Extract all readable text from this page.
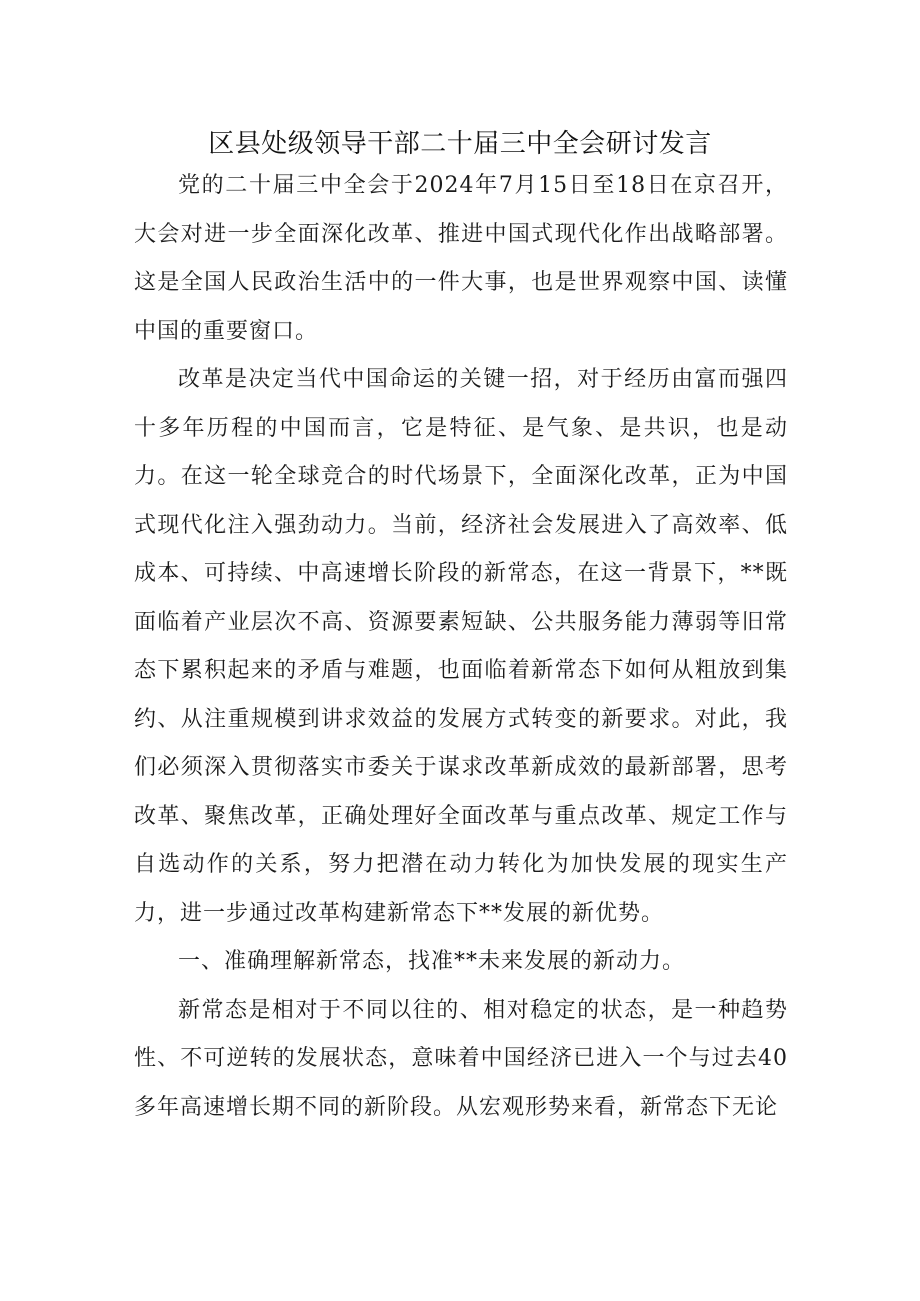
区县处级领导干部二十届三中全会研讨发言

党的二十届三中全会于2024年7月15日至18日在京召开，大会对进一步全面深化改革、推进中国式现代化作出战略部署。这是全国人民政治生活中的一件大事，也是世界观察中国、读懂中国的重要窗口。

改革是决定当代中国命运的关键一招，对于经历由富而强四十多年历程的中国而言，它是特征、是气象、是共识，也是动力。在这一轮全球竞合的时代场景下，全面深化改革，正为中国式现代化注入强劲动力。当前，经济社会发展进入了高效率、低成本、可持续、中高速增长阶段的新常态，在这一背景下，**既面临着产业层次不高、资源要素短缺、公共服务能力薄弱等旧常态下累积起来的矛盾与难题，也面临着新常态下如何从粗放到集约、从注重规模到讲求效益的发展方式转变的新要求。对此，我们必须深入贯彻落实市委关于谋求改革新成效的最新部署，思考改革、聚焦改革，正确处理好全面改革与重点改革、规定工作与自选动作的关系，努力把潜在动力转化为加快发展的现实生产力，进一步通过改革构建新常态下**发展的新优势。

一、准确理解新常态，找准**未来发展的新动力。

新常态是相对于不同以往的、相对稳定的状态，是一种趋势性、不可逆转的发展状态，意味着中国经济已进入一个与过去40多年高速增长期不同的新阶段。从宏观形势来看，新常态下无论
